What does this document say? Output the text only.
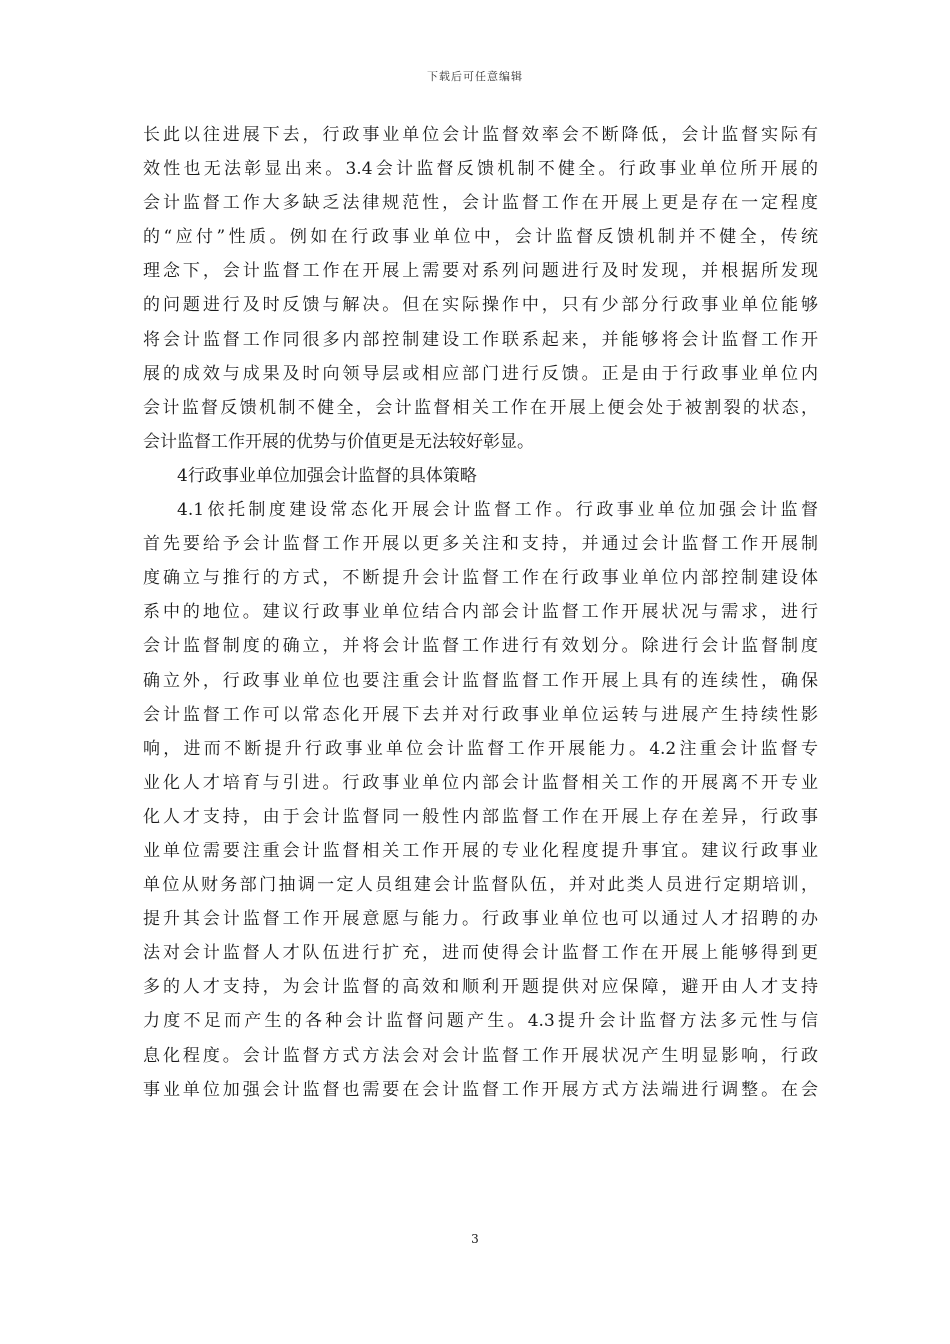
下载后可任意编辑
长此以往进展下去，行政事业单位会计监督效率会不断降低，会计监督实际有
效性也无法彰显出来。3.4会计监督反馈机制不健全。行政事业单位所开展的
会计监督工作大多缺乏法律规范性，会计监督工作在开展上更是存在一定程度
的“应付”性质。例如在行政事业单位中，会计监督反馈机制并不健全，传统
理念下，会计监督工作在开展上需要对系列问题进行及时发现，并根据所发现
的问题进行及时反馈与解决。但在实际操作中，只有少部分行政事业单位能够
将会计监督工作同很多内部控制建设工作联系起来，并能够将会计监督工作开
展的成效与成果及时向领导层或相应部门进行反馈。正是由于行政事业单位内
会计监督反馈机制不健全，会计监督相关工作在开展上便会处于被割裂的状态，
会计监督工作开展的优势与价值更是无法较好彰显。
4行政事业单位加强会计监督的具体策略
4.1依托制度建设常态化开展会计监督工作。行政事业单位加强会计监督
首先要给予会计监督工作开展以更多关注和支持，并通过会计监督工作开展制
度确立与推行的方式，不断提升会计监督工作在行政事业单位内部控制建设体
系中的地位。建议行政事业单位结合内部会计监督工作开展状况与需求，进行
会计监督制度的确立，并将会计监督工作进行有效划分。除进行会计监督制度
确立外，行政事业单位也要注重会计监督监督工作开展上具有的连续性，确保
会计监督工作可以常态化开展下去并对行政事业单位运转与进展产生持续性影
响，进而不断提升行政事业单位会计监督工作开展能力。4.2注重会计监督专
业化人才培育与引进。行政事业单位内部会计监督相关工作的开展离不开专业
化人才支持，由于会计监督同一般性内部监督工作在开展上存在差异，行政事
业单位需要注重会计监督相关工作开展的专业化程度提升事宜。建议行政事业
单位从财务部门抽调一定人员组建会计监督队伍，并对此类人员进行定期培训，
提升其会计监督工作开展意愿与能力。行政事业单位也可以通过人才招聘的办
法对会计监督人才队伍进行扩充，进而使得会计监督工作在开展上能够得到更
多的人才支持，为会计监督的高效和顺利开题提供对应保障，避开由人才支持
力度不足而产生的各种会计监督问题产生。4.3提升会计监督方法多元性与信
息化程度。会计监督方式方法会对会计监督工作开展状况产生明显影响，行政
事业单位加强会计监督也需要在会计监督工作开展方式方法端进行调整。在会
3
